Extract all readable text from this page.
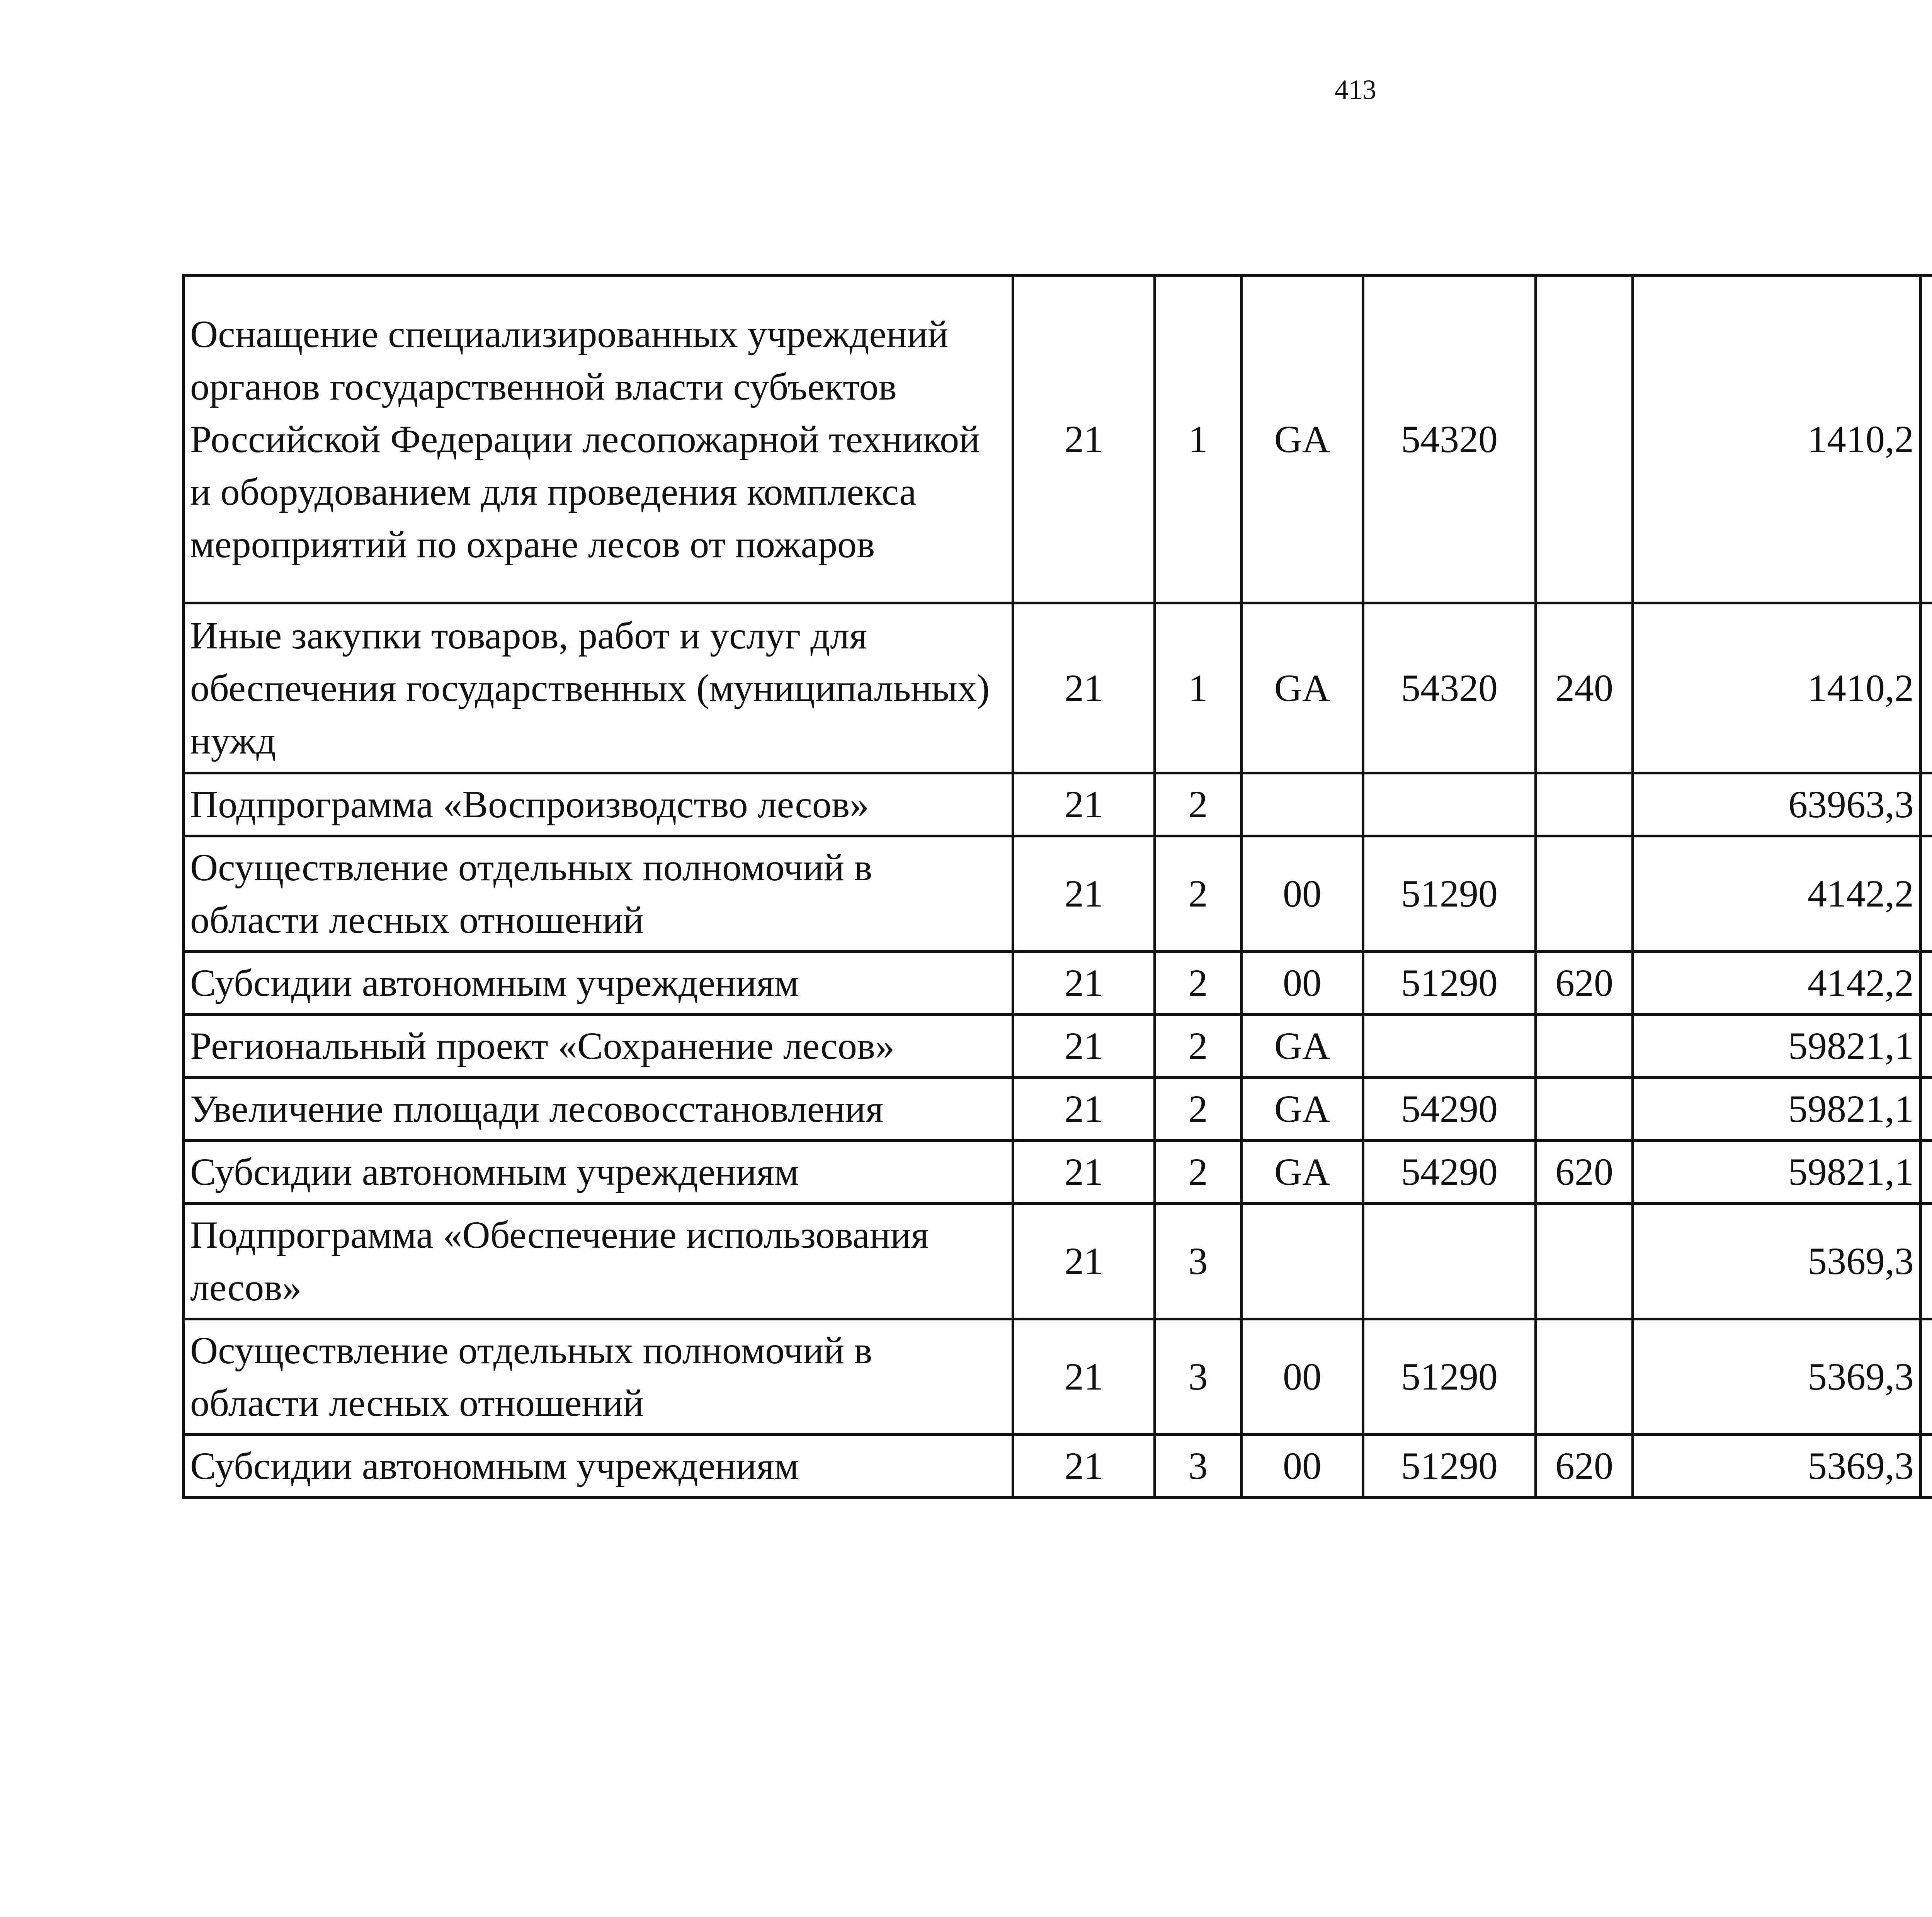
413
Оснащение специализированных учреждений органов государственной власти субъектов Российской Федерации лесопожарной техникой и оборудованием для проведения комплекса мероприятий по охране лесов от пожаров	21	1	GA	54320		1410,2		
Иные закупки товаров, работ и услуг для обеспечения государственных (муниципальных) нужд	21	1	GA	54320	240	1410,2		
Подпрограмма «Воспроизводство лесов»	21	2				63963,3		
Осуществление отдельных полномочий в области лесных отношений	21	2	00	51290		4142,2		
Субсидии автономным учреждениям	21	2	00	51290	620	4142,2		
Региональный проект «Сохранение лесов»	21	2	GA			59821,1		
Увеличение площади лесовосстановления	21	2	GA	54290		59821,1		
Субсидии автономным учреждениям	21	2	GA	54290	620	59821,1		
Подпрограмма «Обеспечение использования лесов»	21	3				5369,3		
Осуществление отдельных полномочий в области лесных отношений	21	3	00	51290		5369,3		
Субсидии автономным учреждениям	21	3	00	51290	620	5369,3		
